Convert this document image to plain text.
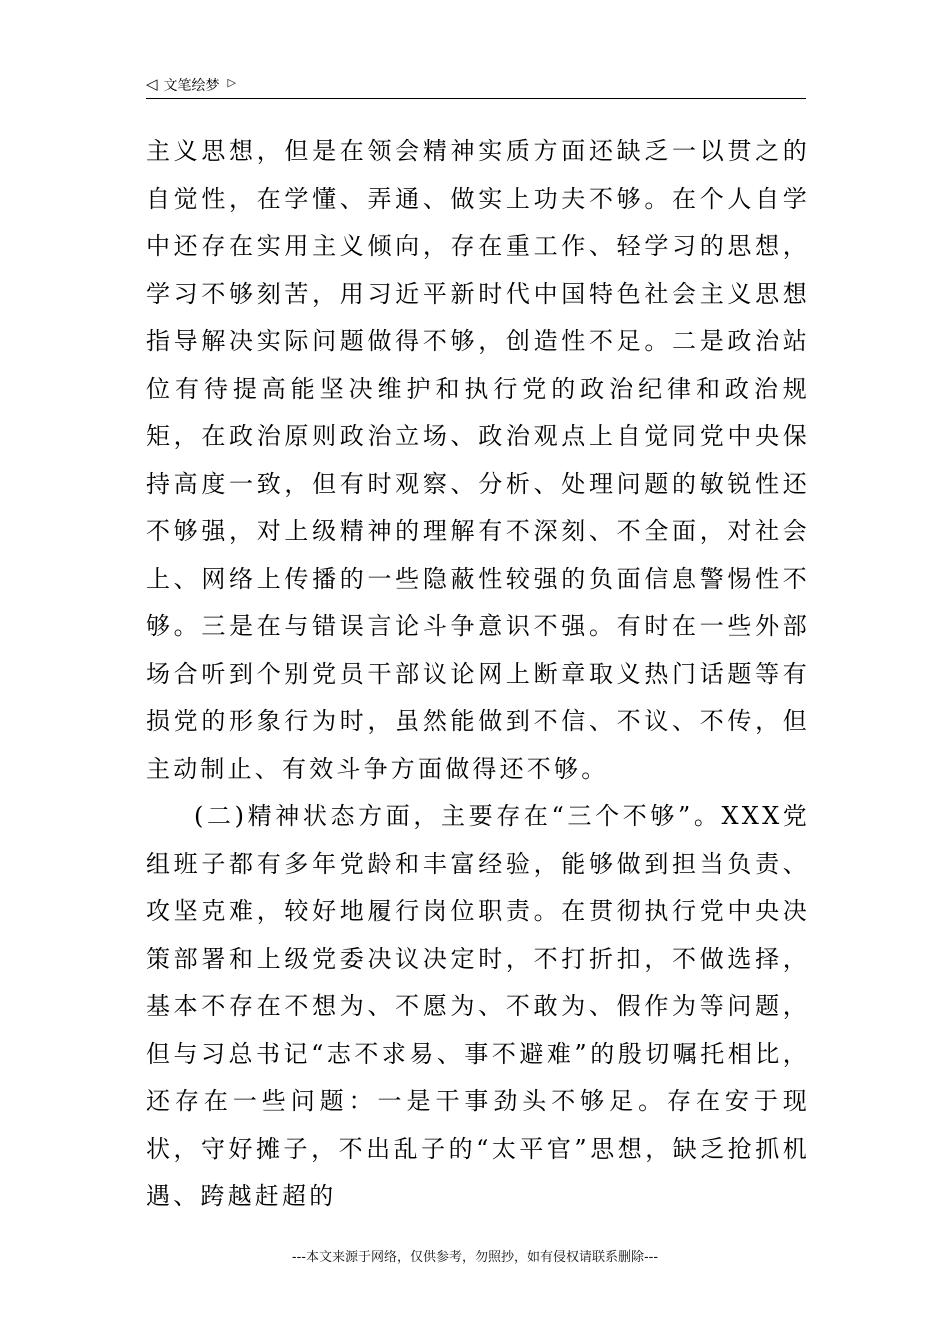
◁ 文笔绘梦 ▷

主义思想，但是在领会精神实质方面还缺乏一以贯之的自觉性，在学懂、弄通、做实上功夫不够。在个人自学中还存在实用主义倾向，存在重工作、轻学习的思想，学习不够刻苦，用习近平新时代中国特色社会主义思想指导解决实际问题做得不够，创造性不足。二是政治站位有待提高能坚决维护和执行党的政治纪律和政治规矩，在政治原则政治立场、政治观点上自觉同党中央保持高度一致，但有时观察、分析、处理问题的敏锐性还不够强，对上级精神的理解有不深刻、不全面，对社会上、网络上传播的一些隐蔽性较强的负面信息警惕性不够。三是在与错误言论斗争意识不强。有时在一些外部场合听到个别党员干部议论网上断章取义热门话题等有损党的形象行为时，虽然能做到不信、不议、不传，但主动制止、有效斗争方面做得还不够。

(二)精神状态方面，主要存在“三个不够”。XXX党组班子都有多年党龄和丰富经验，能够做到担当负责、攻坚克难，较好地履行岗位职责。在贯彻执行党中央决策部署和上级党委决议决定时，不打折扣，不做选择，基本不存在不想为、不愿为、不敢为、假作为等问题，但与习总书记“志不求易、事不避难”的殷切嘱托相比，还存在一些问题：一是干事劲头不够足。存在安于现状，守好摊子，不出乱子的“太平官”思想，缺乏抢抓机遇、跨越赶超的

---本文来源于网络，仅供参考，勿照抄，如有侵权请联系删除---
